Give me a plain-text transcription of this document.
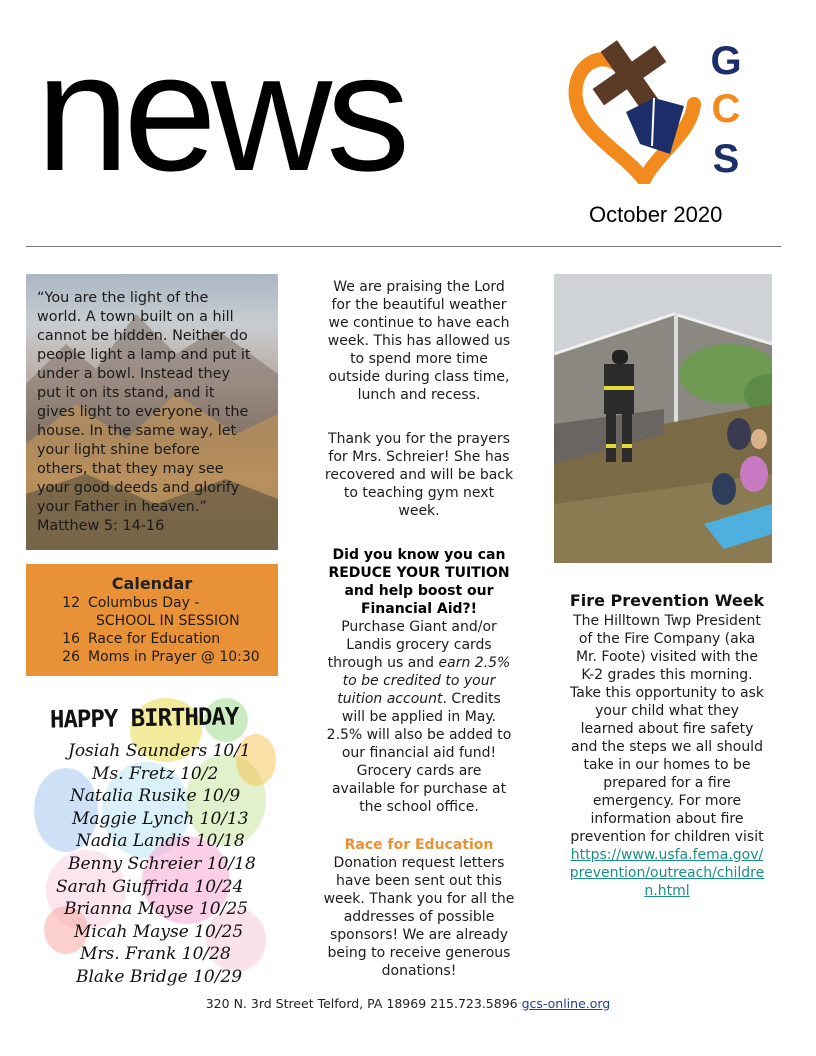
news	G
C
S
October 2020
“You are the light of the
world. A town built on a hill
cannot be hidden. Neither do
people light a lamp and put it
under a bowl. Instead they
put it on its stand, and it
gives light to everyone in the
house. In the same way, let
your light shine before
others, that they may see
your good deeds and glorify
your Father in heaven.”
Matthew 5: 14-16
Calendar
12 Columbus Day -
SCHOOL IN SESSION
16 Race for Education
26 Moms in Prayer @ 10:30
HAPPY BIRTHDAY
Josiah Saunders 10/1
Ms. Fretz 10/2
Natalia Rusike 10/9
Maggie Lynch 10/13
Nadia Landis 10/18
Benny Schreier 10/18
Sarah Giuffrida 10/24
Brianna Mayse 10/25
Micah Mayse 10/25
Mrs. Frank 10/28
Blake Bridge 10/29
We are praising the Lord
for the beautiful weather
we continue to have each
week. This has allowed us
to spend more time
outside during class time,
lunch and recess.
Thank you for the prayers
for Mrs. Schreier! She has
recovered and will be back
to teaching gym next
week.
Did you know you can
REDUCE YOUR TUITION
and help boost our
Financial Aid?!
Purchase Giant and/or
Landis grocery cards
through us and earn 2.5%
to be credited to your
tuition account. Credits
will be applied in May.
2.5% will also be added to
our financial aid fund!
Grocery cards are
available for purchase at
the school office.
Race for Education
Donation request letters
have been sent out this
week. Thank you for all the
addresses of possible
sponsors! We are already
being to receive generous
donations!
Fire Prevention Week
The Hilltown Twp President
of the Fire Company (aka
Mr. Foote) visited with the
K-2 grades this morning.
Take this opportunity to ask
your child what they
learned about fire safety
and the steps we all should
take in our homes to be
prepared for a fire
emergency. For more
information about fire
prevention for children visit
https://www.usfa.fema.gov/
prevention/outreach/childre
n.html
320 N. 3rd Street Telford, PA 18969 215.723.5896 gcs-online.org
